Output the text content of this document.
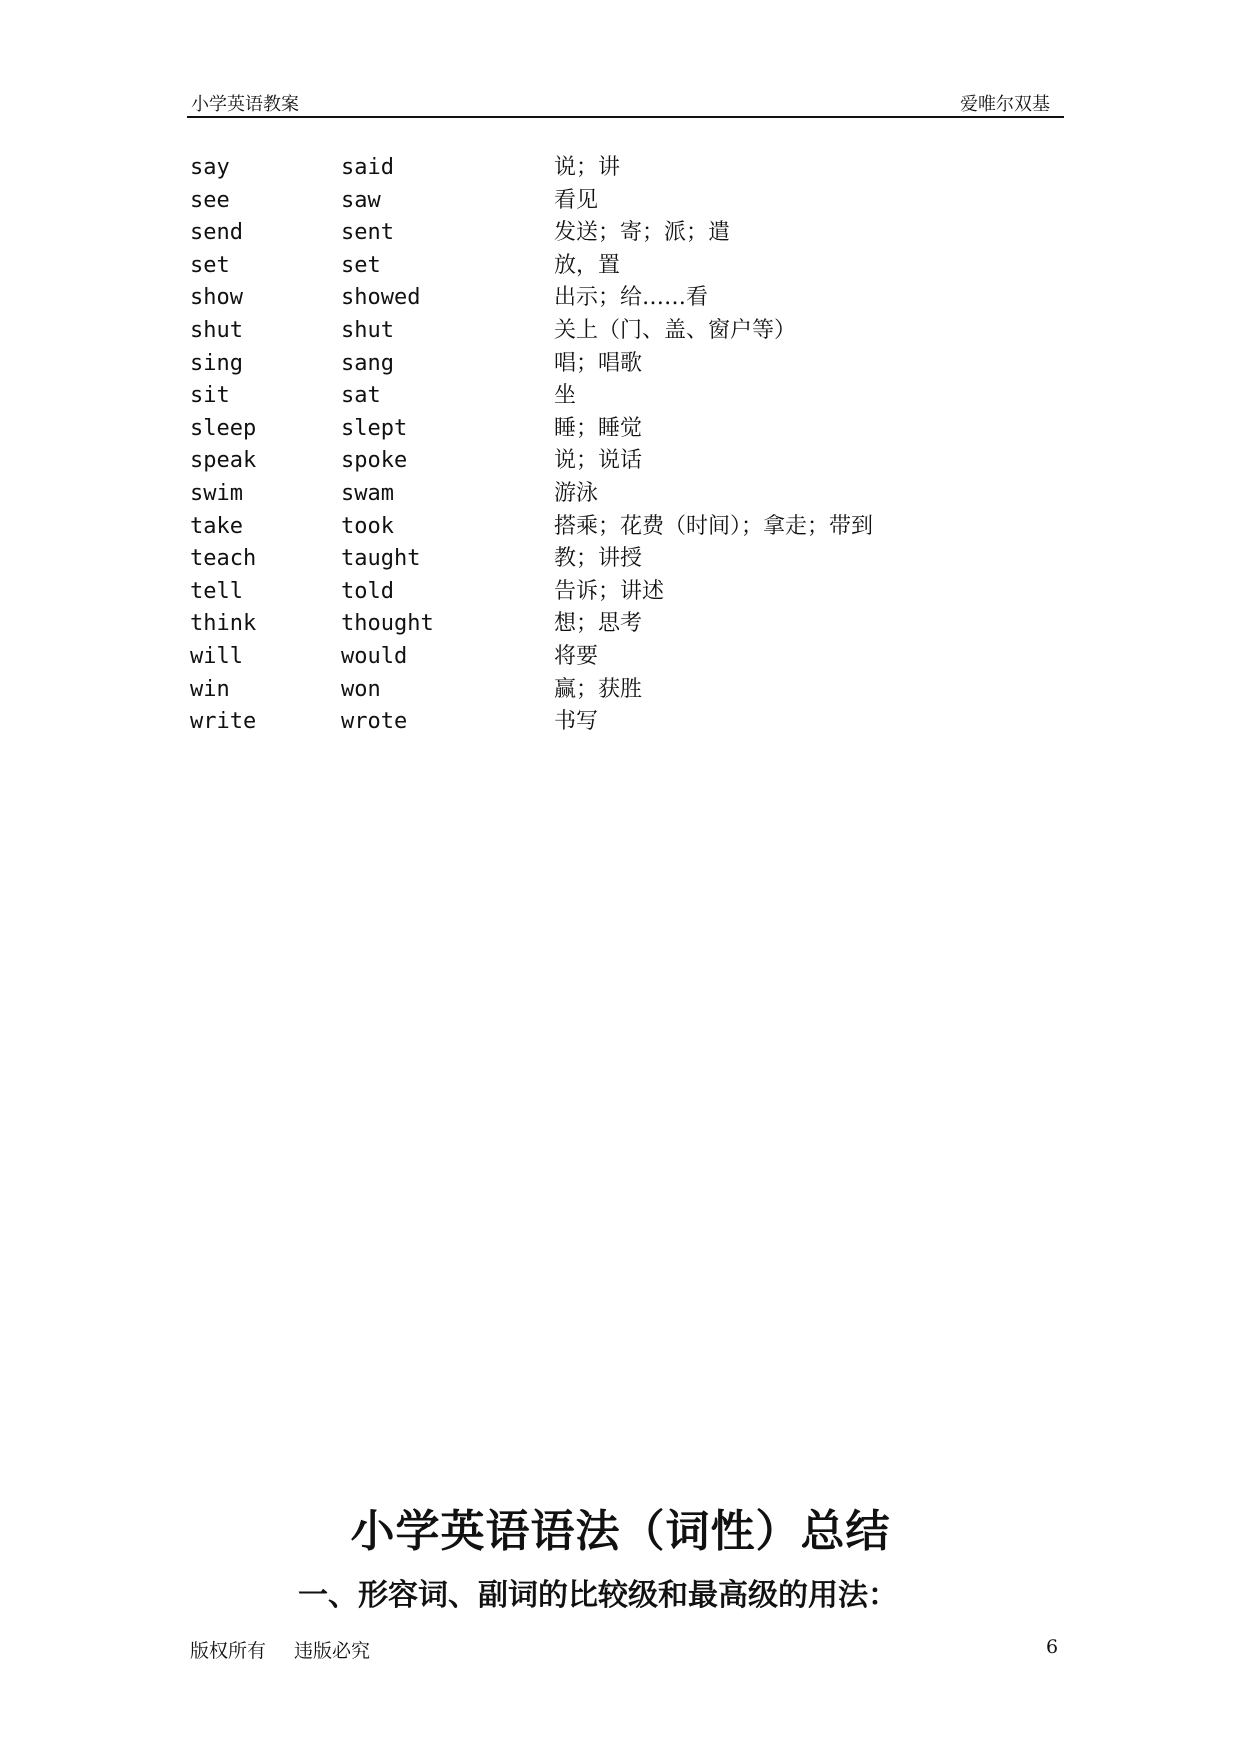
小学英语教案	爱唯尔双基
say	said	说；讲
see	saw	看见
send	sent	发送；寄；派；遣
set	set	放，置
show	showed	出示；给……看
shut	shut	关上（门、盖、窗户等）
sing	sang	唱；唱歌
sit	sat	坐
sleep	slept	睡；睡觉
speak	spoke	说；说话
swim	swam	游泳
take	took	搭乘；花费（时间）；拿走；带到
teach	taught	教；讲授
tell	told	告诉；讲述
think	thought	想；思考
will	would	将要
win	won	赢；获胜
write	wrote	书写
小学英语语法（词性）总结
一、形容词、副词的比较级和最高级的用法：
版权所有 违版必究	6
